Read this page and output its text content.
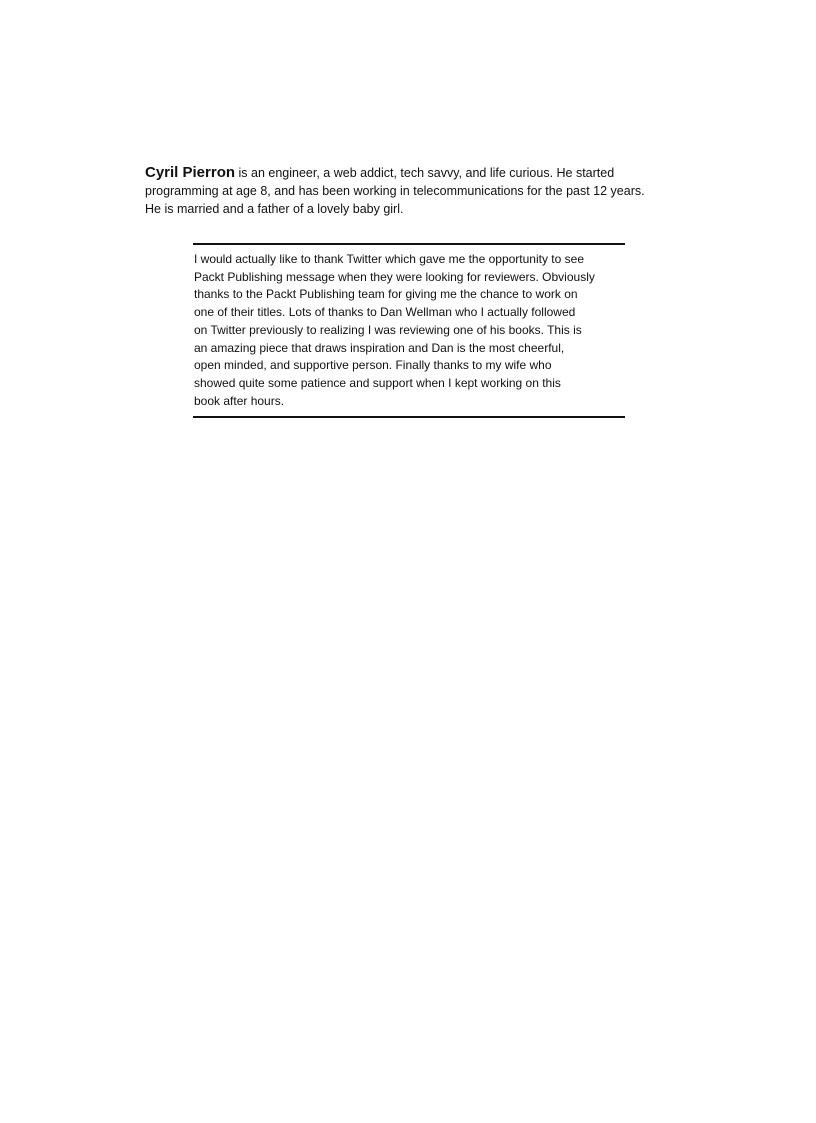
Cyril Pierron is an engineer, a web addict, tech savvy, and life curious. He started
programming at age 8, and has been working in telecommunications for the past 12 years.
He is married and a father of a lovely baby girl.

I would actually like to thank Twitter which gave me the opportunity to see
Packt Publishing message when they were looking for reviewers. Obviously
thanks to the Packt Publishing team for giving me the chance to work on
one of their titles. Lots of thanks to Dan Wellman who I actually followed
on Twitter previously to realizing I was reviewing one of his books. This is
an amazing piece that draws inspiration and Dan is the most cheerful,
open minded, and supportive person. Finally thanks to my wife who
showed quite some patience and support when I kept working on this
book after hours.
